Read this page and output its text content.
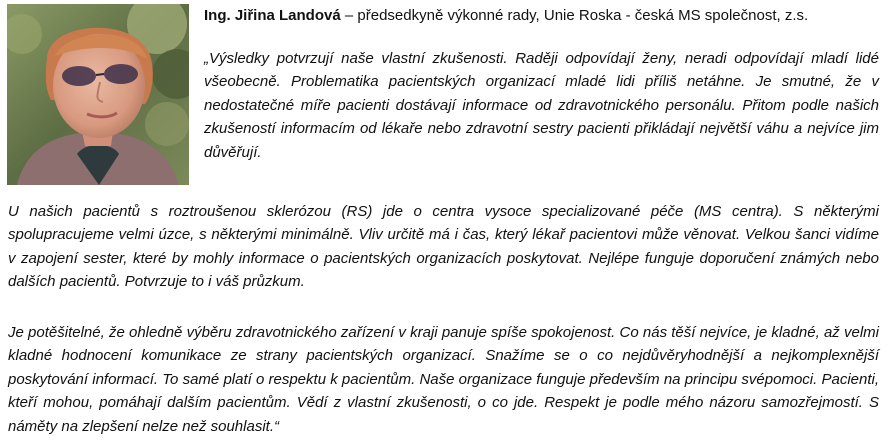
Ing. Jiřina Landová – předsedkyně výkonné rady, Unie Roska - česká MS společnost, z.s.

„Výsledky potvrzují naše vlastní zkušenosti. Raději odpovídají ženy, neradi odpovídají mladí lidé všeobecně. Problematika pacientských organizací mladé lidi příliš netáhne. Je smutné, že v nedostatečné míře pacienti dostávají informace od zdravotnického personálu. Přitom podle našich zkušeností informacím od lékaře nebo zdravotní sestry pacienti přikládají největší váhu a nejvíce jim důvěřují.

U našich pacientů s roztroušenou sklerózou (RS) jde o centra vysoce specializované péče (MS centra). S některými spolupracujeme velmi úzce, s některými minimálně. Vliv určitě má i čas, který lékař pacientovi může věnovat. Velkou šanci vidíme v zapojení sester, které by mohly informace o pacientských organizacích poskytovat. Nejlépe funguje doporučení známých nebo dalších pacientů. Potvrzuje to i váš průzkum.

Je potěšitelné, že ohledně výběru zdravotnického zařízení v kraji panuje spíše spokojenost. Co nás těší nejvíce, je kladné, až velmi kladné hodnocení komunikace ze strany pacientských organizací. Snažíme se o co nejdůvěryhodnější a nejkomplexnější poskytování informací. To samé platí o respektu k pacientům. Naše organizace funguje především na principu svépomoci. Pacienti, kteří mohou, pomáhají dalším pacientům. Vědí z vlastní zkušenosti, o co jde. Respekt je podle mého názoru samozřejmostí. S náměty na zlepšení nelze než souhlasit.“
